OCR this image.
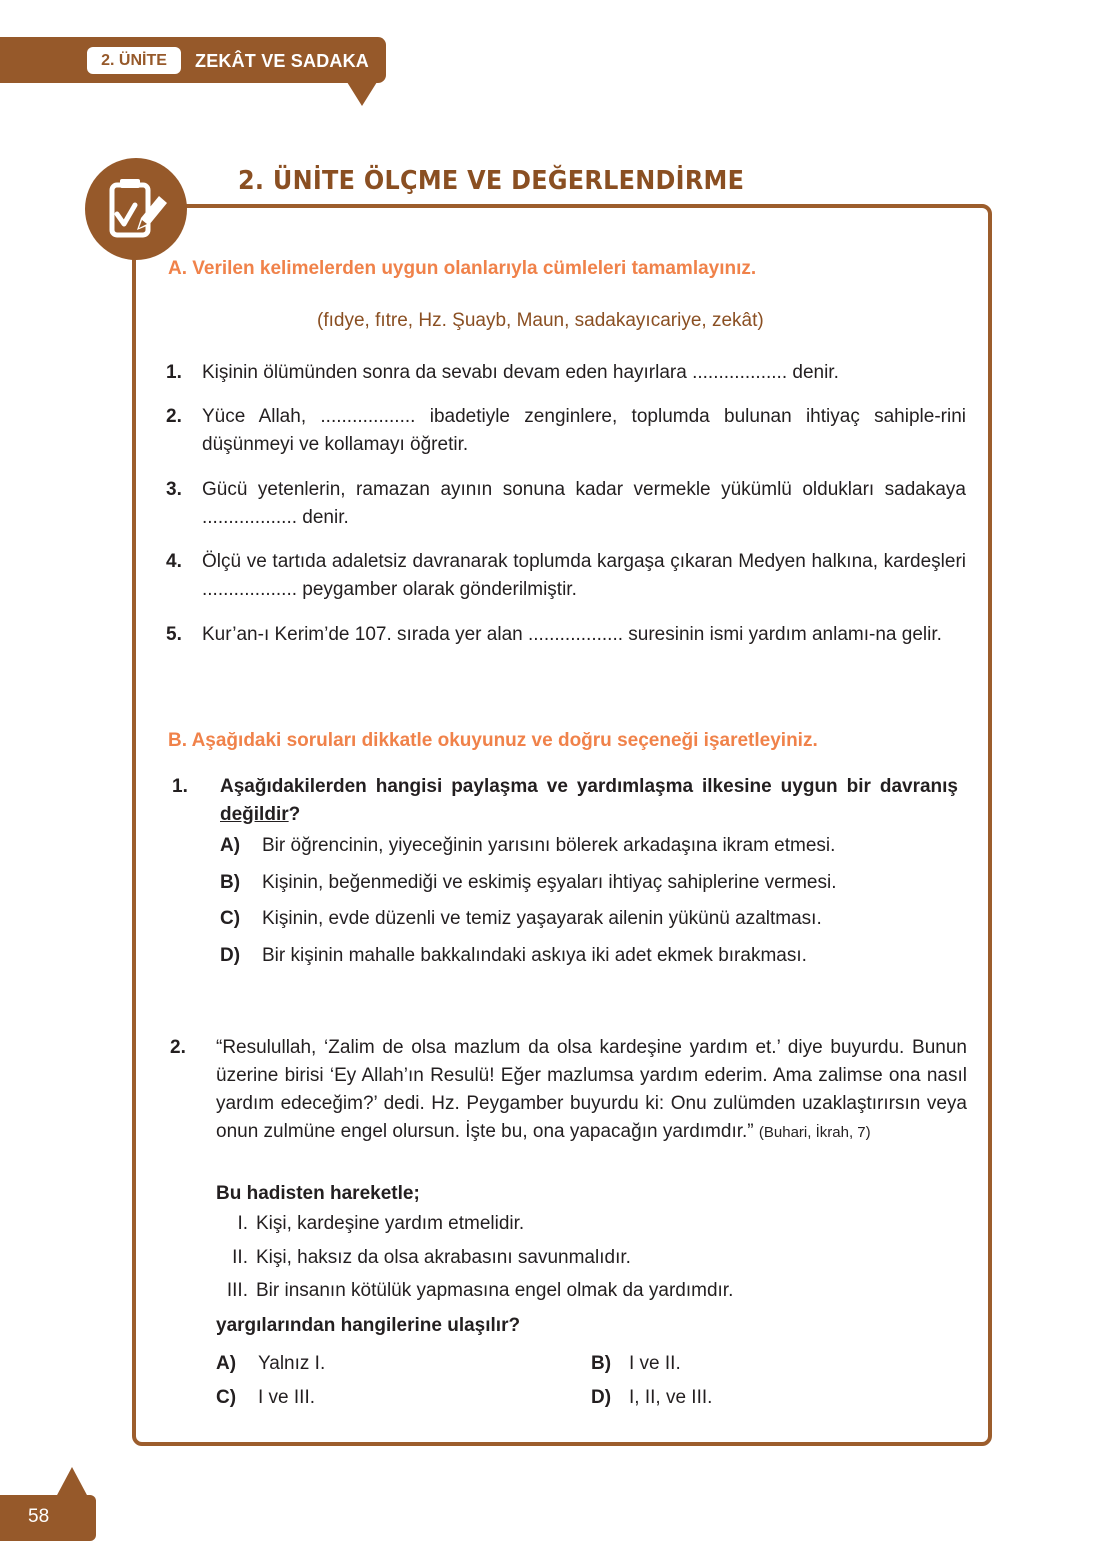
2. ÜNİTE	ZEKÂT VE SADAKA
2. ÜNİTE ÖLÇME VE DEĞERLENDİRME
A. Verilen kelimelerden uygun olanlarıyla cümleleri tamamlayınız.
(fıdye, fıtre, Hz. Şuayb, Maun, sadakayıcariye, zekât)
1.	Kişinin ölümünden sonra da sevabı devam eden hayırlara .................. denir.
2.	Yüce Allah, .................. ibadetiyle zenginlere, toplumda bulunan ihtiyaç sahiple-rini düşünmeyi ve kollamayı öğretir.
3.	Gücü yetenlerin, ramazan ayının sonuna kadar vermekle yükümlü oldukları sadakaya .................. denir.
4.	Ölçü ve tartıda adaletsiz davranarak toplumda kargaşa çıkaran Medyen halkına, kardeşleri .................. peygamber olarak gönderilmiştir.
5.	Kur’an-ı Kerim’de 107. sırada yer alan .................. suresinin ismi yardım anlamı-na gelir.
B. Aşağıdaki soruları dikkatle okuyunuz ve doğru seçeneği işaretleyiniz.
1.	Aşağıdakilerden hangisi paylaşma ve yardımlaşma ilkesine uygun bir davranış değildir?
A)	Bir öğrencinin, yiyeceğinin yarısını bölerek arkadaşına ikram etmesi.
B)	Kişinin, beğenmediği ve eskimiş eşyaları ihtiyaç sahiplerine vermesi.
C)	Kişinin, evde düzenli ve temiz yaşayarak ailenin yükünü azaltması.
D)	Bir kişinin mahalle bakkalındaki askıya iki adet ekmek bırakması.
2.	“Resulullah, ‘Zalim de olsa mazlum da olsa kardeşine yardım et.’ diye buyurdu. Bunun üzerine birisi ‘Ey Allah’ın Resulü! Eğer mazlumsa yardım ederim. Ama zalimse ona nasıl yardım edeceğim?’ dedi. Hz. Peygamber buyurdu ki: Onu zulümden uzaklaştırırsın veya onun zulmüne engel olursun. İşte bu, ona yapacağın yardımdır.” (Buhari, İkrah, 7)
Bu hadisten hareketle;
I. Kişi, kardeşine yardım etmelidir.
II. Kişi, haksız da olsa akrabasını savunmalıdır.
III. Bir insanın kötülük yapmasına engel olmak da yardımdır.
yargılarından hangilerine ulaşılır?
A)	Yalnız I.	B) I ve II.
C)	I ve III.	D) I, II, ve III.
58
